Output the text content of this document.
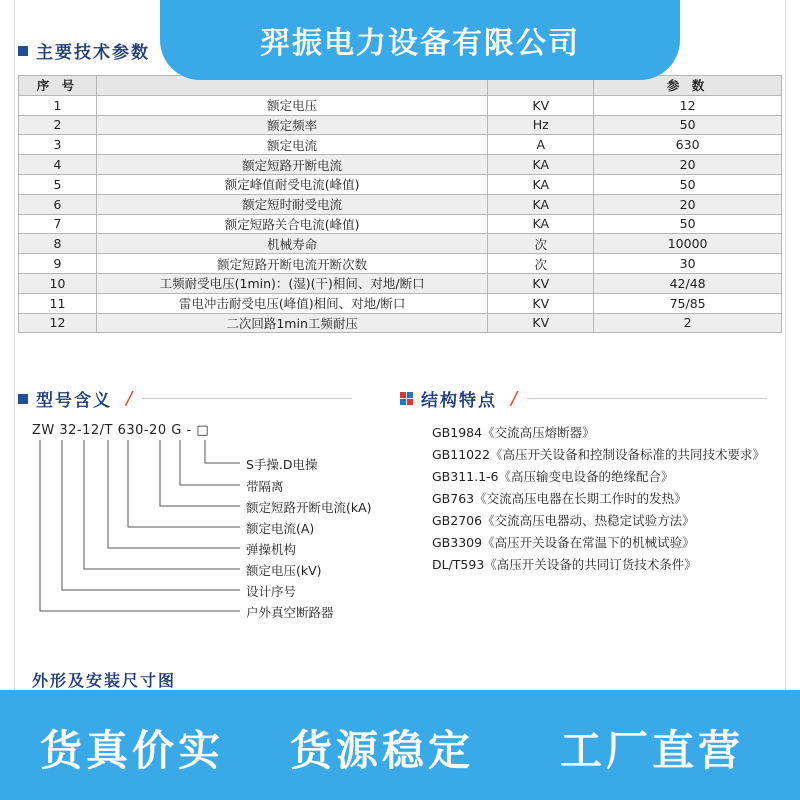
主要技术参数
序 号			参 数
1	额定电压	KV	12
2	额定频率	Hz	50
3	额定电流	A	630
4	额定短路开断电流	KA	20
5	额定峰值耐受电流(峰值)	KA	50
6	额定短时耐受电流	KA	20
7	额定短路关合电流(峰值)	KA	50
8	机械寿命	次	10000
9	额定短路开断电流开断次数	次	30
10	工频耐受电压(1min)：(湿)(干)相间、对地/断口	KV	42/48
11	雷电冲击耐受电压(峰值)相间、对地/断口	KV	75/85
12	二次回路1min工频耐压	KV	2
型号含义 /
ZW 32-12/T 630-20 G - □
S手操.D电操
带隔离
额定短路开断电流(kA)
额定电流(A)
弹操机构
额定电压(kV)
设计序号
户外真空断路器
结构特点 /
GB1984《交流高压熔断器》
GB11022《高压开关设备和控制设备标准的共同技术要求》
GB311.1-6《高压输变电设备的绝缘配合》
GB763《交流高压电器在长期工作时的发热》
GB2706《交流高压电器动、热稳定试验方法》
GB3309《高压开关设备在常温下的机械试验》
DL/T593《高压开关设备的共同订货技术条件》
外形及安装尺寸图
羿振电力设备有限公司
货真价实 货源稳定 工厂直营
